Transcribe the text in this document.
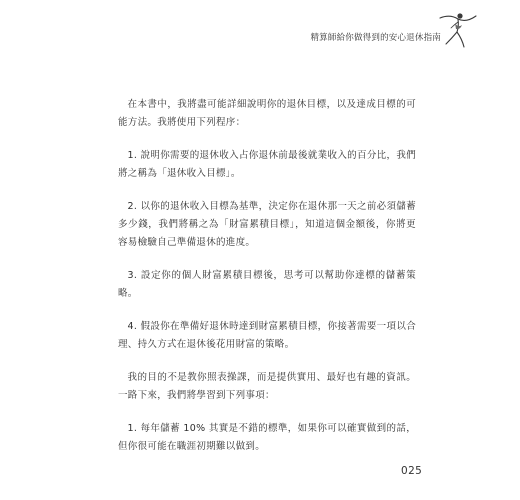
精算師給你做得到的安心退休指南

在本書中，我將盡可能詳細說明你的退休目標，以及達成目標的可能方法。我將使用下列程序：

1. 說明你需要的退休收入占你退休前最後就業收入的百分比，我們將之稱為「退休收入目標」。

2. 以你的退休收入目標為基準，決定你在退休那一天之前必須儲蓄多少錢，我們將稱之為「財富累積目標」，知道這個金額後，你將更容易檢驗自己準備退休的進度。

3. 設定你的個人財富累積目標後，思考可以幫助你達標的儲蓄策略。

4. 假設你在準備好退休時達到財富累積目標，你接著需要一項以合理、持久方式在退休後花用財富的策略。

我的目的不是教你照表操課，而是提供實用、最好也有趣的資訊。一路下來，我們將學習到下列事項：

1. 每年儲蓄 10% 其實是不錯的標準，如果你可以確實做到的話，但你很可能在職涯初期難以做到。

025
